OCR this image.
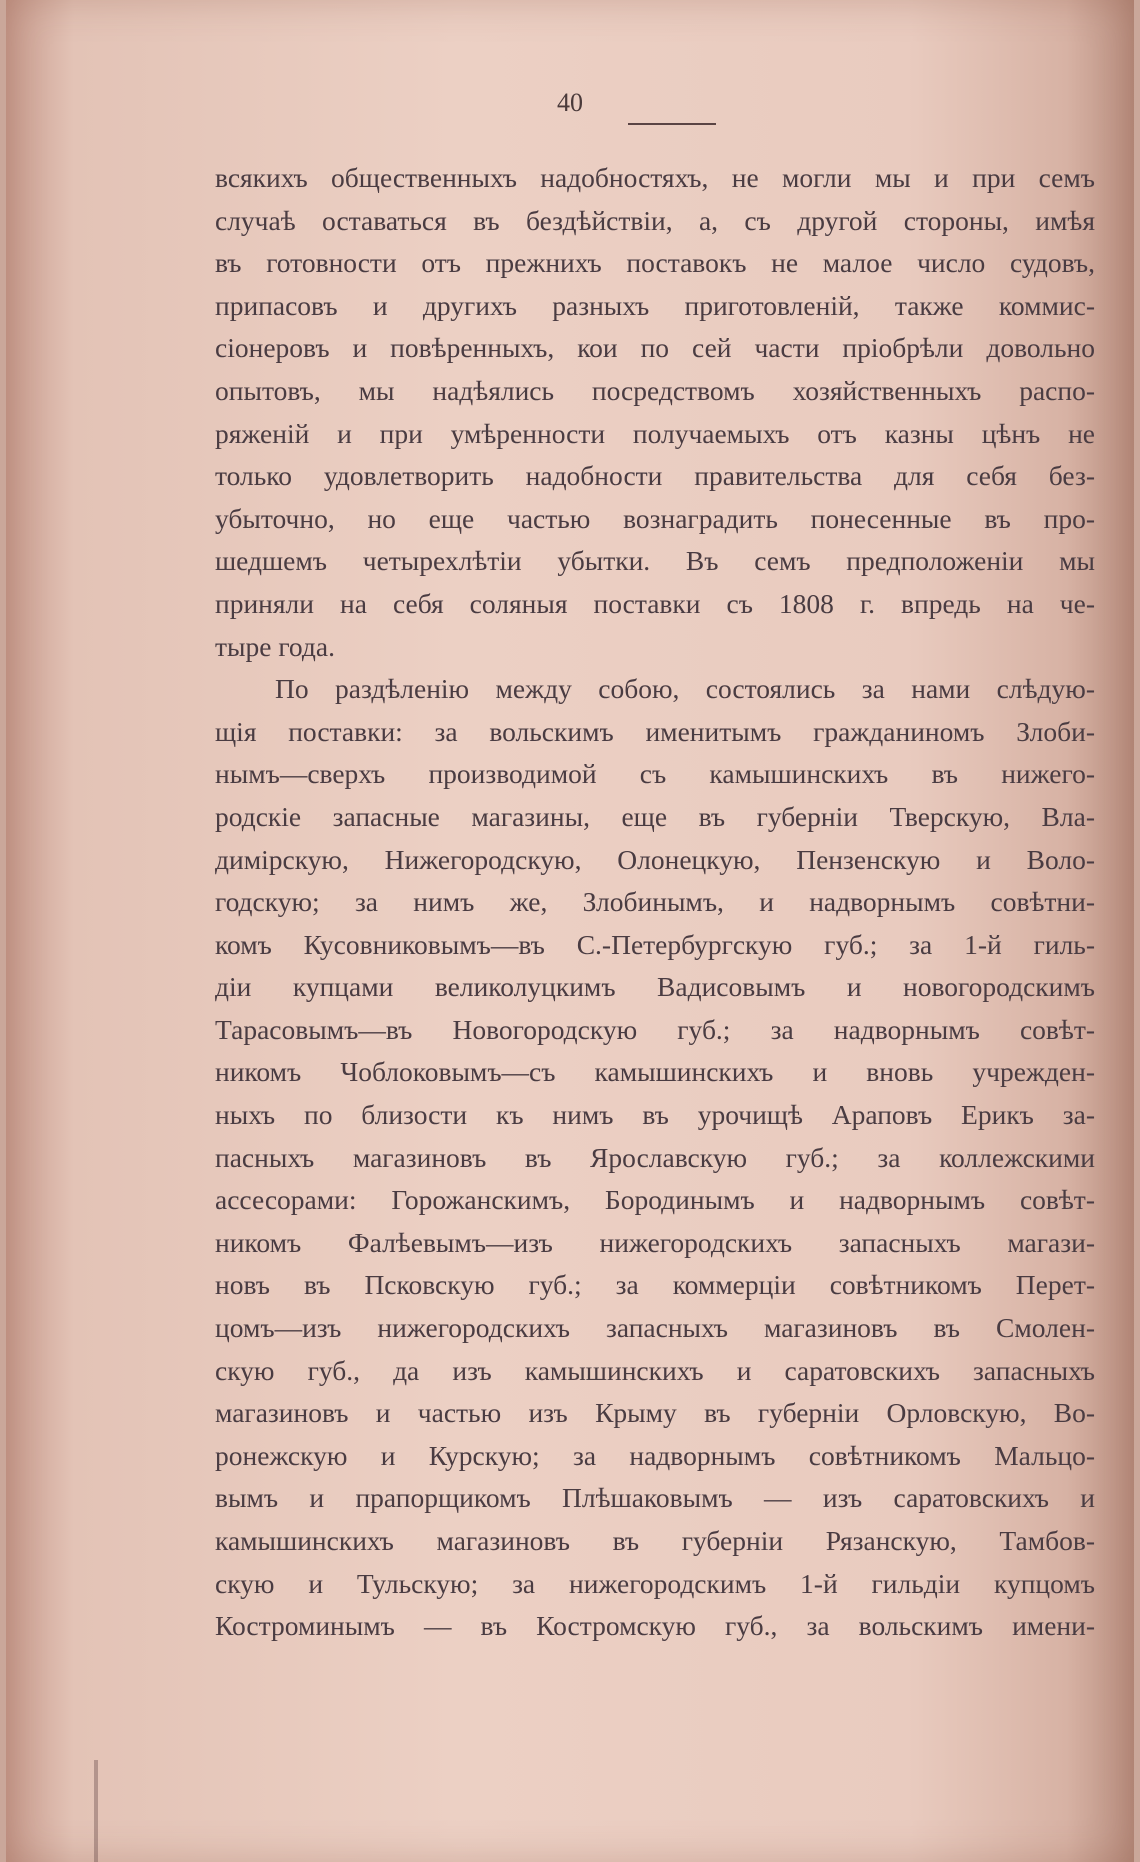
40
всякихъ общественныхъ надобностяхъ, не могли мы и при семъ
случаѣ оставаться въ бездѣйствіи, а, съ другой стороны, имѣя
въ готовности отъ прежнихъ поставокъ не малое число судовъ,
припасовъ и другихъ разныхъ приготовленій, также коммис-
сіонеровъ и повѣренныхъ, кои по сей части пріобрѣли довольно
опытовъ, мы надѣялись посредствомъ хозяйственныхъ распо-
ряженій и при умѣренности получаемыхъ отъ казны цѣнъ не
только удовлетворить надобности правительства для себя без-
убыточно, но еще частью вознаградить понесенные въ про-
шедшемъ четырехлѣтіи убытки. Въ семъ предположеніи мы
приняли на себя соляныя поставки съ 1808 г. впредь на че-
тыре года.
По раздѣленію между собою, состоялись за нами слѣдую-
щія поставки: за вольскимъ именитымъ гражданиномъ Злоби-
нымъ—сверхъ производимой съ камышинскихъ въ нижего-
родскіе запасные магазины, еще въ губерніи Тверскую, Вла-
димірскую, Нижегородскую, Олонецкую, Пензенскую и Воло-
годскую; за нимъ же, Злобинымъ, и надворнымъ совѣтни-
комъ Кусовниковымъ—въ С.-Петербургскую губ.; за 1-й гиль-
діи купцами великолуцкимъ Вадисовымъ и новогородскимъ
Тарасовымъ—въ Новогородскую губ.; за надворнымъ совѣт-
никомъ Чоблоковымъ—съ камышинскихъ и вновь учрежден-
ныхъ по близости къ нимъ въ урочищѣ Араповъ Ерикъ за-
пасныхъ магазиновъ въ Ярославскую губ.; за коллежскими
ассесорами: Горожанскимъ, Бородинымъ и надворнымъ совѣт-
никомъ Фалѣевымъ—изъ нижегородскихъ запасныхъ магази-
новъ въ Псковскую губ.; за коммерціи совѣтникомъ Перет-
цомъ—изъ нижегородскихъ запасныхъ магазиновъ въ Смолен-
скую губ., да изъ камышинскихъ и саратовскихъ запасныхъ
магазиновъ и частью изъ Крыму въ губерніи Орловскую, Во-
ронежскую и Курскую; за надворнымъ совѣтникомъ Мальцо-
вымъ и прапорщикомъ Плѣшаковымъ — изъ саратовскихъ и
камышинскихъ магазиновъ въ губерніи Рязанскую, Тамбов-
скую и Тульскую; за нижегородскимъ 1-й гильдіи купцомъ
Костроминымъ — въ Костромскую губ., за вольскимъ имени-
